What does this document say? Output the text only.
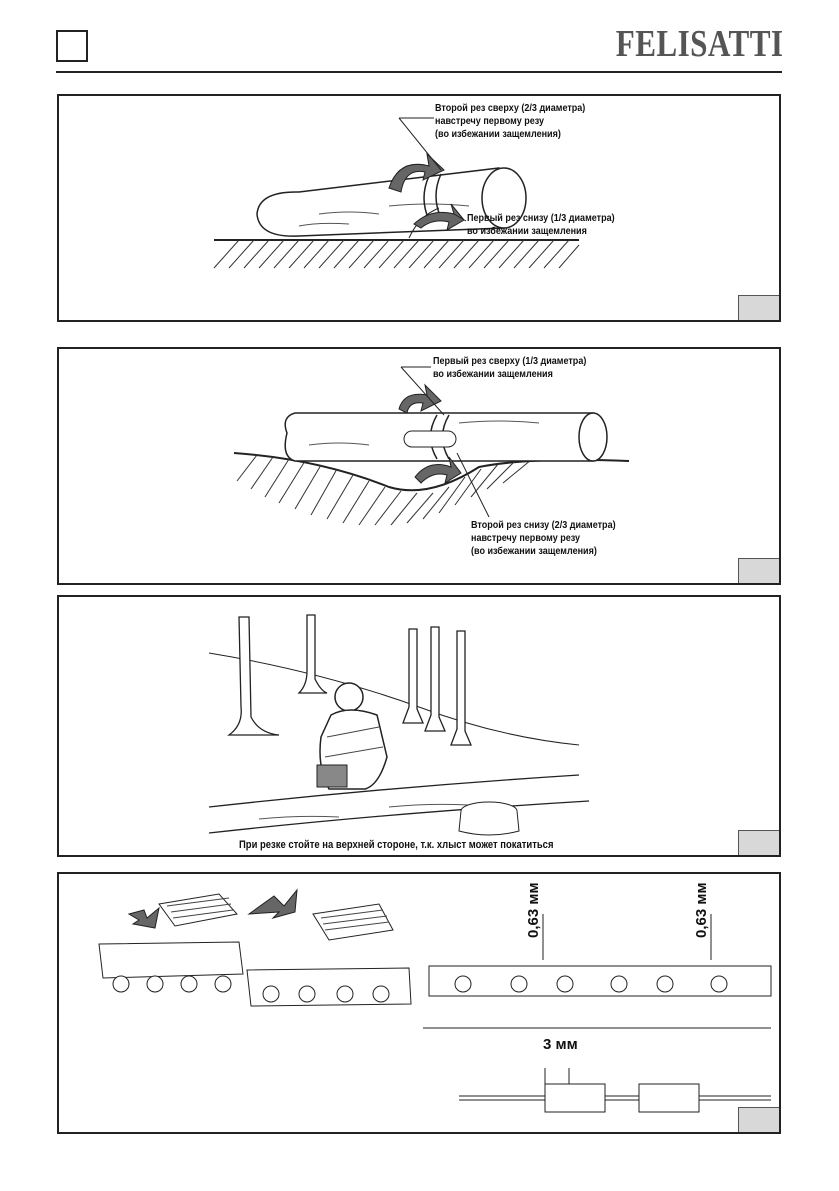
FELISATTI
Второй рез сверху (2/3 диаметра)
навстречу первому резу
(во избежании защемления)
Первый рез снизу (1/3 диаметра)
во избежании защемления
Первый рез сверху (1/3 диаметра)
во избежании защемления
Второй рез снизу (2/3 диаметра)
навстречу первому резу
(во избежании защемления)
При резке стойте на верхней стороне, т.к. хлыст может покатиться
0,63 мм	0,63 мм
3 мм
